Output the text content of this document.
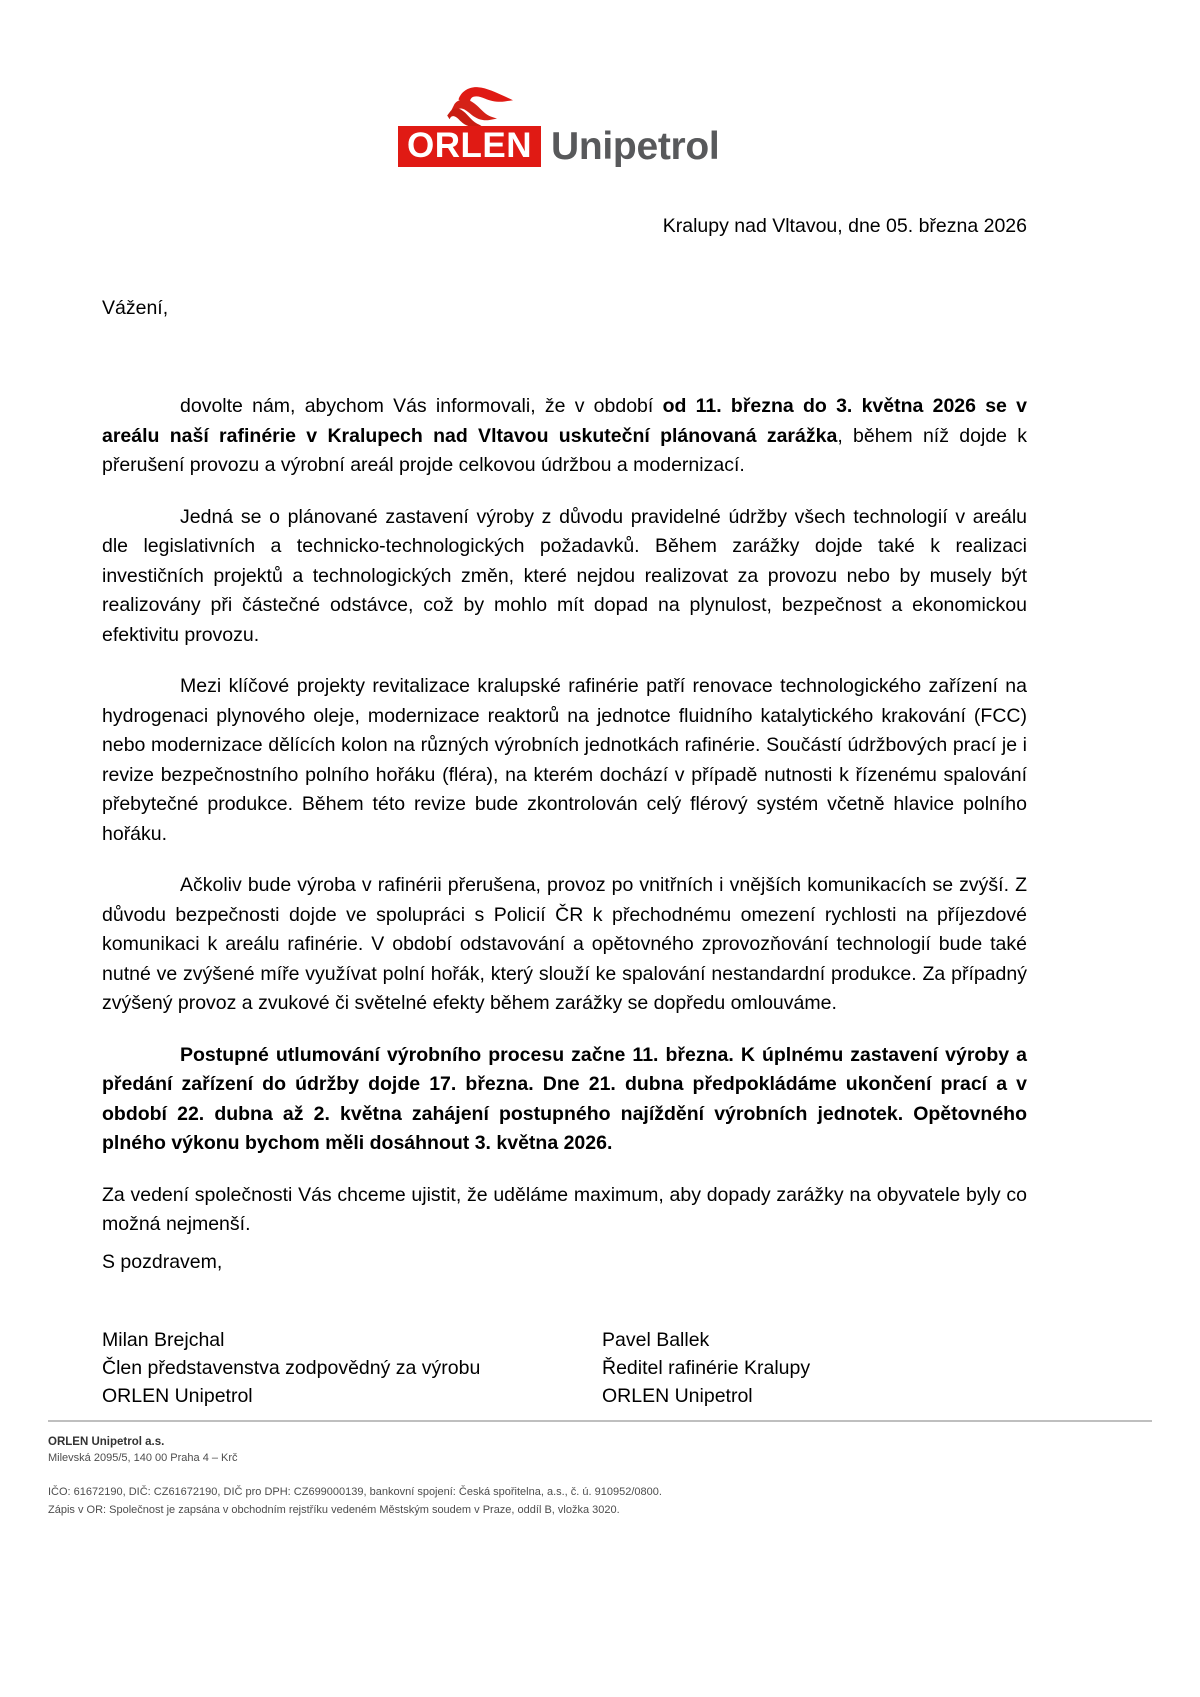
ORLEN Unipetrol
Kralupy nad Vltavou, dne 05. března 2026
Vážení,

dovolte nám, abychom Vás informovali, že v období od 11. března do 3. května 2026 se v areálu naší rafinérie v Kralupech nad Vltavou uskuteční plánovaná zarážka, během níž dojde k přerušení provozu a výrobní areál projde celkovou údržbou a modernizací.

Jedná se o plánované zastavení výroby z důvodu pravidelné údržby všech technologií v areálu dle legislativních a technicko-technologických požadavků. Během zarážky dojde také k realizaci investičních projektů a technologických změn, které nejdou realizovat za provozu nebo by musely být realizovány při částečné odstávce, což by mohlo mít dopad na plynulost, bezpečnost a ekonomickou efektivitu provozu.

Mezi klíčové projekty revitalizace kralupské rafinérie patří renovace technologického zařízení na hydrogenaci plynového oleje, modernizace reaktorů na jednotce fluidního katalytického krakování (FCC) nebo modernizace dělících kolon na různých výrobních jednotkách rafinérie. Součástí údržbových prací je i revize bezpečnostního polního hořáku (fléra), na kterém dochází v případě nutnosti k řízenému spalování přebytečné produkce. Během této revize bude zkontrolován celý flérový systém včetně hlavice polního hořáku.

Ačkoliv bude výroba v rafinérii přerušena, provoz po vnitřních i vnějších komunikacích se zvýší. Z důvodu bezpečnosti dojde ve spolupráci s Policií ČR k přechodnému omezení rychlosti na příjezdové komunikaci k areálu rafinérie. V období odstavování a opětovného zprovozňování technologií bude také nutné ve zvýšené míře využívat polní hořák, který slouží ke spalování nestandardní produkce. Za případný zvýšený provoz a zvukové či světelné efekty během zarážky se dopředu omlouváme.

Postupné utlumování výrobního procesu začne 11. března. K úplnému zastavení výroby a předání zařízení do údržby dojde 17. března. Dne 21. dubna předpokládáme ukončení prací a v období 22. dubna až 2. května zahájení postupného najíždění výrobních jednotek. Opětovného plného výkonu bychom měli dosáhnout 3. května 2026.

Za vedení společnosti Vás chceme ujistit, že uděláme maximum, aby dopady zarážky na obyvatele byly co možná nejmenší.

S pozdravem,
Milan Brejchal
Člen představenstva zodpovědný za výrobu
ORLEN Unipetrol
Pavel Ballek
Ředitel rafinérie Kralupy
ORLEN Unipetrol
ORLEN Unipetrol a.s.
Milevská 2095/5, 140 00 Praha 4 – Krč
IČO: 61672190, DIČ: CZ61672190, DIČ pro DPH: CZ699000139, bankovní spojení: Česká spořitelna, a.s., č. ú. 910952/0800.
Zápis v OR: Společnost je zapsána v obchodním rejstříku vedeném Městským soudem v Praze, oddíl B, vložka 3020.
